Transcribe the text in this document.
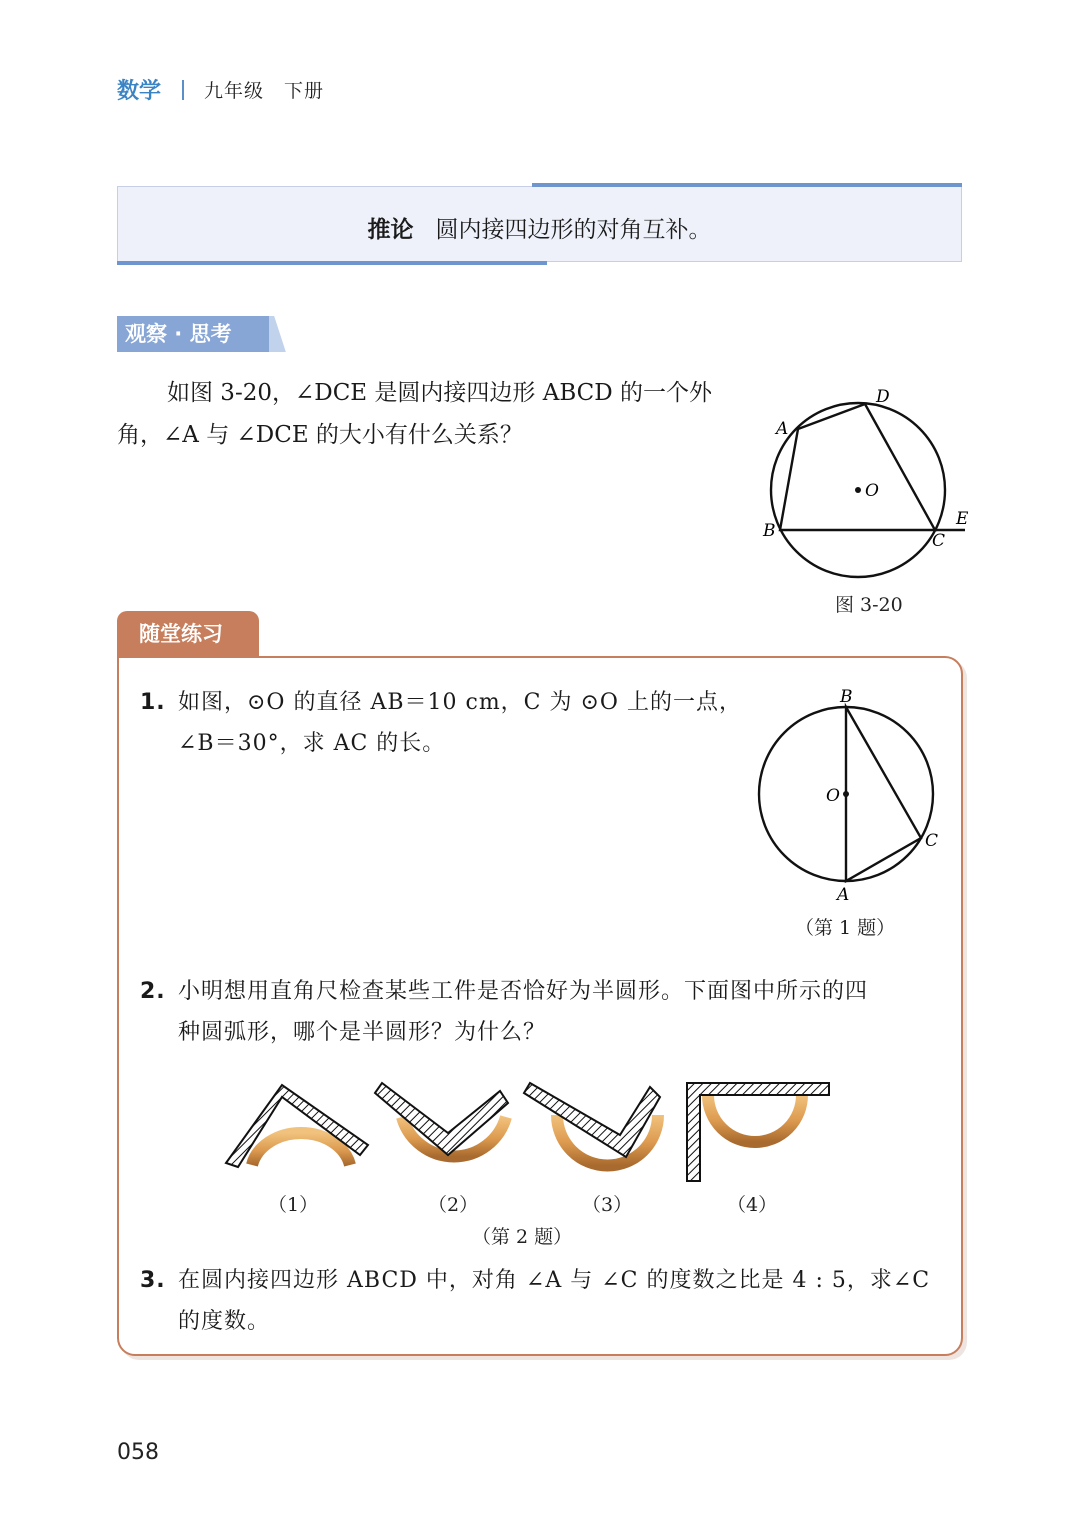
数学 九年级　下册
推论 圆内接四边形的对角互补。
观察 · 思考
如图 3-20，∠DCE 是圆内接四边形 ABCD 的一个外
角，∠A 与 ∠DCE 的大小有什么关系？	A
D
O
B	C
E
图 3-20
随堂练习
1. 如图，⊙O 的直径 AB＝10 cm，C 为 ⊙O 上的一点，
∠B＝30°，求 AC 的长。
B
O
C
A
（第 1 题）
2. 小明想用直角尺检查某些工件是否恰好为半圆形。下面图中所示的四
种圆弧形，哪个是半圆形？为什么？
（1）	（2）	（3）	（4）
（第 2 题）
3. 在圆内接四边形 ABCD 中，对角 ∠A 与 ∠C 的度数之比是 4 : 5，求∠C
的度数。
058
